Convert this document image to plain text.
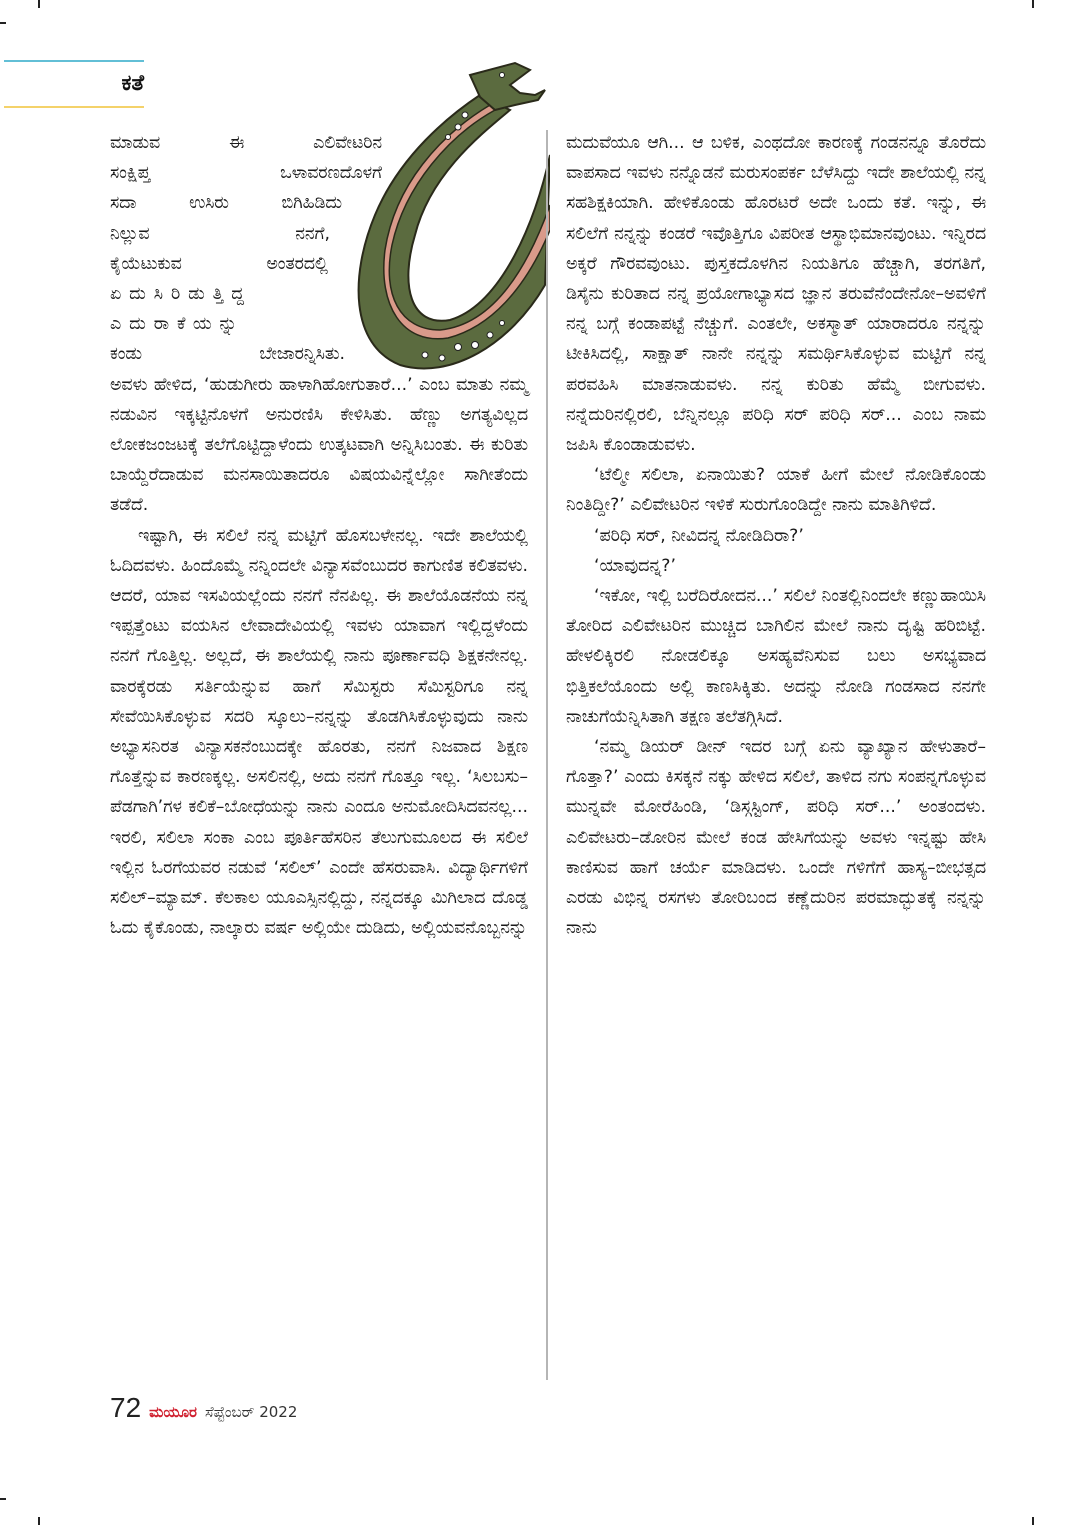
ಕತೆ
ಮಾಡುವ ಈ ಎಲಿವೇಟರಿನ
ಸಂಕ್ಷಿಪ್ತ ಒಳಾವರಣದೊಳಗೆ
ಸದಾ ಉಸಿರು ಬಿಗಿಹಿಡಿದು
ನಿಲ್ಲುವ ನನಗೆ,
ಕೈಯೆಟುಕುವ ಅಂತರದಲ್ಲಿ
ಏದುಸಿರಿಡುತ್ತಿದ್ದ
ಎದುರಾಕೆಯನ್ನು
ಕಂಡು ಬೇಜಾರನ್ನಿಸಿತು.

ಅವಳು ಹೇಳಿದ, ‘ಹುಡುಗೀರು ಹಾಳಾಗಿಹೋಗುತಾರೆ...’ ಎಂಬ ಮಾತು ನಮ್ಮ ನಡುವಿನ ಇಕ್ಕಟ್ಟಿನೊಳಗೆ ಅನುರಣಿಸಿ ಕೇಳಿಸಿತು. ಹೆಣ್ಣು ಅಗತ್ಯವಿಲ್ಲದ ಲೋಕಜಂಜಟಕ್ಕೆ ತಲೆಗೊಟ್ಟಿದ್ದಾಳೆಂದು ಉತ್ಕಟವಾಗಿ ಅನ್ನಿಸಿಬಂತು. ಈ ಕುರಿತು ಬಾಯ್ದೆರೆದಾಡುವ ಮನಸಾಯಿತಾದರೂ ವಿಷಯವಿನ್ನೆಲ್ಲೋ ಸಾಗೀತೆಂದು ತಡೆದೆ.

ಇಷ್ಟಾಗಿ, ಈ ಸಲಿಲೆ ನನ್ನ ಮಟ್ಟಿಗೆ ಹೊಸಬಳೇನಲ್ಲ. ಇದೇ ಶಾಲೆಯಲ್ಲಿ ಓದಿದವಳು. ಹಿಂದೊಮ್ಮೆ ನನ್ನಿಂದಲೇ ವಿನ್ಯಾಸವೆಂಬುದರ ಕಾಗುಣಿತ ಕಲಿತವಳು. ಆದರೆ, ಯಾವ ಇಸವಿಯಲ್ಲೆಂದು ನನಗೆ ನೆನಪಿಲ್ಲ. ಈ ಶಾಲೆಯೊಡನೆಯ ನನ್ನ ಇಪ್ಪತ್ತೆಂಟು ವಯಸಿನ ಲೇವಾದೇವಿಯಲ್ಲಿ ಇವಳು ಯಾವಾಗ ಇಲ್ಲಿದ್ದಳೆಂದು ನನಗೆ ಗೊತ್ತಿಲ್ಲ. ಅಲ್ಲದೆ, ಈ ಶಾಲೆಯಲ್ಲಿ ನಾನು ಪೂರ್ಣಾವಧಿ ಶಿಕ್ಷಕನೇನಲ್ಲ. ವಾರಕ್ಕೆರಡು ಸರ್ತಿಯೆನ್ನುವ ಹಾಗೆ ಸೆಮಿಸ್ಟರು ಸೆಮಿಸ್ಟರಿಗೂ ನನ್ನ ಸೇವೆಯಿಸಿಕೊಳ್ಳುವ ಸದರಿ ಸ್ಕೂಲು–ನನ್ನನ್ನು ತೊಡಗಿಸಿಕೊಳ್ಳುವುದು ನಾನು ಅಭ್ಯಾಸನಿರತ ವಿನ್ಯಾಸಕನೆಂಬುದಕ್ಕೇ ಹೊರತು, ನನಗೆ ನಿಜವಾದ ಶಿಕ್ಷಣ ಗೊತ್ತೆನ್ನುವ ಕಾರಣಕ್ಕಲ್ಲ. ಅಸಲಿನಲ್ಲಿ, ಅದು ನನಗೆ ಗೊತ್ತೂ ಇಲ್ಲ. ‘ಸಿಲಬಸು–ಪೆಡಗಾಗಿ’ಗಳ ಕಲಿಕೆ–ಬೋಧೆಯನ್ನು ನಾನು ಎಂದೂ ಅನುಮೋದಿಸಿದವನಲ್ಲ... ಇರಲಿ, ಸಲಿಲಾ ಸಂಕಾ ಎಂಬ ಪೂರ್ತಿಹೆಸರಿನ ತೆಲುಗುಮೂಲದ ಈ ಸಲಿಲೆ ಇಲ್ಲಿನ ಓರಗೆಯವರ ನಡುವೆ ‘ಸಲಿಲ್’ ಎಂದೇ ಹೆಸರುವಾಸಿ. ವಿದ್ಯಾರ್ಥಿಗಳಿಗೆ ಸಲಿಲ್–ಮ್ಯಾಮ್. ಕೆಲಕಾಲ ಯೂಎಸ್ಸಿನಲ್ಲಿದ್ದು, ನನ್ನದಕ್ಕೂ ಮಿಗಿಲಾದ ದೊಡ್ಡ ಓದು ಕೈಕೊಂಡು, ನಾಲ್ಕಾರು ವರ್ಷ ಅಲ್ಲಿಯೇ ದುಡಿದು, ಅಲ್ಲಿಯವನೊಬ್ಬನನ್ನು

ಮದುವೆಯೂ ಆಗಿ... ಆ ಬಳಿಕ, ಎಂಥದೋ ಕಾರಣಕ್ಕೆ ಗಂಡನನ್ನೂ ತೊರೆದು ವಾಪಸಾದ ಇವಳು ನನ್ನೊಡನೆ ಮರುಸಂಪರ್ಕ ಬೆಳೆಸಿದ್ದು ಇದೇ ಶಾಲೆಯಲ್ಲಿ ನನ್ನ ಸಹಶಿಕ್ಷಕಿಯಾಗಿ. ಹೇಳಿಕೊಂಡು ಹೊರಟರೆ ಅದೇ ಒಂದು ಕತೆ. ಇನ್ನು, ಈ ಸಲಿಲೆಗೆ ನನ್ನನ್ನು ಕಂಡರೆ ಇವೊತ್ತಿಗೂ ವಿಪರೀತ ಆಸ್ಥಾಭಿಮಾನವುಂಟು. ಇನ್ನಿರದ ಅಕ್ಕರೆ ಗೌರವವುಂಟು. ಪುಸ್ತಕದೊಳಗಿನ ನಿಯತಿಗೂ ಹೆಚ್ಚಾಗಿ, ತರಗತಿಗೆ, ಡಿಸೈನು ಕುರಿತಾದ ನನ್ನ ಪ್ರಯೋಗಾಭ್ಯಾಸದ ಜ್ಞಾನ ತರುವೆನೆಂದೇನೋ–ಅವಳಿಗೆ ನನ್ನ ಬಗ್ಗೆ ಕಂಡಾಪಟ್ಟೆ ನೆಚ್ಚುಗೆ. ಎಂತಲೇ, ಅಕಸ್ಮಾತ್ ಯಾರಾದರೂ ನನ್ನನ್ನು ಟೀಕಿಸಿದಲ್ಲಿ, ಸಾಕ್ಷಾತ್ ನಾನೇ ನನ್ನನ್ನು ಸಮರ್ಥಿಸಿಕೊಳ್ಳುವ ಮಟ್ಟಿಗೆ ನನ್ನ ಪರವಹಿಸಿ ಮಾತನಾಡುವಳು. ನನ್ನ ಕುರಿತು ಹೆಮ್ಮೆ ಬೀಗುವಳು. ನನ್ನೆದುರಿನಲ್ಲಿರಲಿ, ಬೆನ್ನಿನಲ್ಲೂ ಪರಿಧಿ ಸರ್ ಪರಿಧಿ ಸರ್... ಎಂಬ ನಾಮ ಜಪಿಸಿ ಕೊಂಡಾಡುವಳು.

‘ಟೆಲ್ಮೀ ಸಲಿಲಾ, ಏನಾಯಿತು? ಯಾಕೆ ಹೀಗೆ ಮೇಲೆ ನೋಡಿಕೊಂಡು ನಿಂತಿದ್ದೀ?’ ಎಲಿವೇಟರಿನ ಇಳಿಕೆ ಸುರುಗೊಂಡಿದ್ದೇ ನಾನು ಮಾತಿಗಿಳಿದೆ.

‘ಪರಿಧಿ ಸರ್, ನೀವಿದನ್ನ ನೋಡಿದಿರಾ?’

‘ಯಾವುದನ್ನ?’

‘ಇಕೋ, ಇಲ್ಲಿ ಬರೆದಿರೋದನ...’ ಸಲಿಲೆ ನಿಂತಲ್ಲಿನಿಂದಲೇ ಕಣ್ಣುಹಾಯಿಸಿ ತೋರಿದ ಎಲಿವೇಟರಿನ ಮುಚ್ಚಿದ ಬಾಗಿಲಿನ ಮೇಲೆ ನಾನು ದೃಷ್ಟಿ ಹರಿಬಿಟ್ಟೆ. ಹೇಳಲಿಕ್ಕಿರಲಿ ನೋಡಲಿಕ್ಕೂ ಅಸಹ್ಯವೆನಿಸುವ ಬಲು ಅಸಭ್ಯವಾದ ಭಿತ್ತಿಕಲೆಯೊಂದು ಅಲ್ಲಿ ಕಾಣಸಿಕ್ಕಿತು. ಅದನ್ನು ನೋಡಿ ಗಂಡಸಾದ ನನಗೇ ನಾಚುಗೆಯೆನ್ನಿಸಿತಾಗಿ ತಕ್ಷಣ ತಲೆತಗ್ಗಿಸಿದೆ.

‘ನಮ್ಮ ಡಿಯರ್ ಡೀನ್ ಇದರ ಬಗ್ಗೆ ಏನು ವ್ಯಾಖ್ಯಾನ ಹೇಳುತಾರೆ–ಗೊತ್ತಾ?’ ಎಂದು ಕಿಸಕ್ಕನೆ ನಕ್ಕು ಹೇಳಿದ ಸಲಿಲೆ, ತಾಳಿದ ನಗು ಸಂಪನ್ನಗೊಳ್ಳುವ ಮುನ್ನವೇ ಮೋರೆಹಿಂಡಿ, ‘ಡಿಸ್ಗಸ್ಟಿಂಗ್, ಪರಿಧಿ ಸರ್...’ ಅಂತಂದಳು. ಎಲಿವೇಟರು–ಡೋರಿನ ಮೇಲೆ ಕಂಡ ಹೇಸಿಗೆಯನ್ನು ಅವಳು ಇನ್ನಷ್ಟು ಹೇಸಿ ಕಾಣಿಸುವ ಹಾಗೆ ಚರ್ಯೆ ಮಾಡಿದಳು. ಒಂದೇ ಗಳಿಗೆಗೆ ಹಾಸ್ಯ–ಬೀಭತ್ಸದ ಎರಡು ವಿಭಿನ್ನ ರಸಗಳು ತೋರಿಬಂದ ಕಣ್ಣೆದುರಿನ ಪರಮಾದ್ಭುತಕ್ಕೆ ನನ್ನನ್ನು ನಾನು

72 ಮಯೂರ ಸೆಪ್ಟೆಂಬರ್ 2022
